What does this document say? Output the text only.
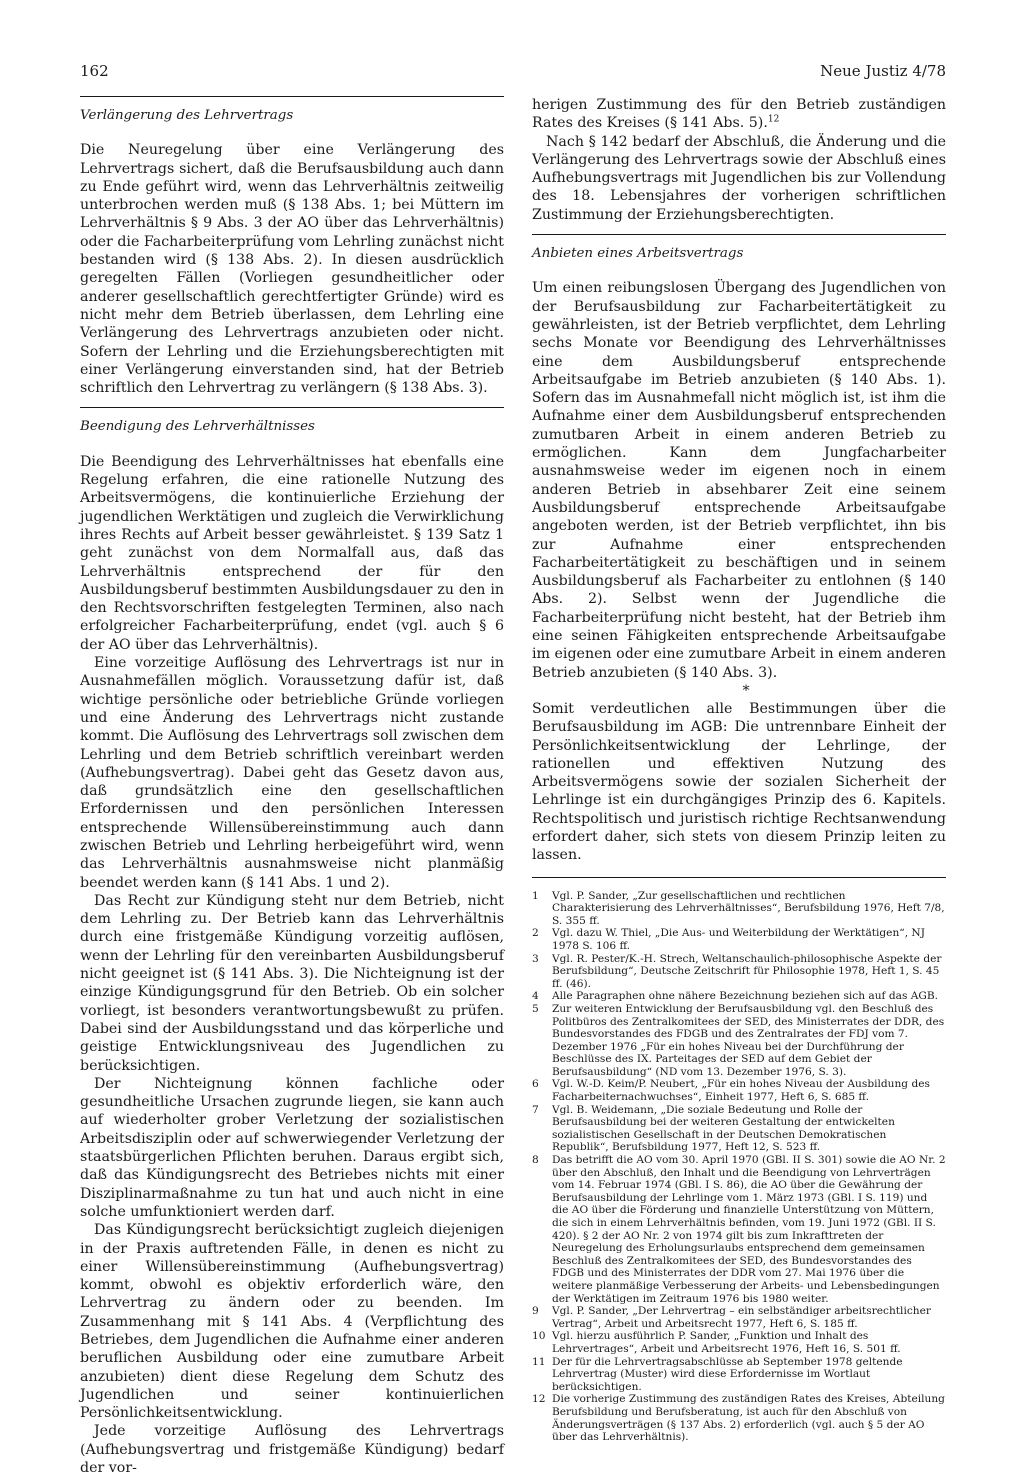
162	Neue Justiz 4/78
Verlängerung des Lehrvertrags

Die Neuregelung über eine Verlängerung des Lehrvertrags sichert, daß die Berufsausbildung auch dann zu Ende geführt wird, wenn das Lehrverhältnis zeitweilig unterbrochen werden muß (§ 138 Abs. 1; bei Müttern im Lehrverhältnis § 9 Abs. 3 der AO über das Lehrverhältnis) oder die Facharbeiterprüfung vom Lehrling zunächst nicht bestanden wird (§ 138 Abs. 2). In diesen ausdrücklich geregelten Fällen (Vorliegen gesundheitlicher oder anderer gesellschaftlich gerechtfertigter Gründe) wird es nicht mehr dem Betrieb überlassen, dem Lehrling eine Verlängerung des Lehrvertrags anzubieten oder nicht. Sofern der Lehrling und die Erziehungsberechtigten mit einer Verlängerung einverstanden sind, hat der Betrieb schriftlich den Lehrvertrag zu verlängern (§ 138 Abs. 3).

Beendigung des Lehrverhältnisses

Die Beendigung des Lehrverhältnisses hat ebenfalls eine Regelung erfahren, die eine rationelle Nutzung des Arbeitsvermögens, die kontinuierliche Erziehung der jugendlichen Werktätigen und zugleich die Verwirklichung ihres Rechts auf Arbeit besser gewährleistet. § 139 Satz 1 geht zunächst von dem Normalfall aus, daß das Lehrverhältnis entsprechend der für den Ausbildungsberuf bestimmten Ausbildungsdauer zu den in den Rechtsvorschriften festgelegten Terminen, also nach erfolgreicher Facharbeiterprüfung, endet (vgl. auch § 6 der AO über das Lehrverhältnis).

Eine vorzeitige Auflösung des Lehrvertrags ist nur in Ausnahmefällen möglich. Voraussetzung dafür ist, daß wichtige persönliche oder betriebliche Gründe vorliegen und eine Änderung des Lehrvertrags nicht zustande kommt. Die Auflösung des Lehrvertrags soll zwischen dem Lehrling und dem Betrieb schriftlich vereinbart werden (Aufhebungsvertrag). Dabei geht das Gesetz davon aus, daß grundsätzlich eine den gesellschaftlichen Erfordernissen und den persönlichen Interessen entsprechende Willensübereinstimmung auch dann zwischen Betrieb und Lehrling herbeigeführt wird, wenn das Lehrverhältnis ausnahmsweise nicht planmäßig beendet werden kann (§ 141 Abs. 1 und 2).

Das Recht zur Kündigung steht nur dem Betrieb, nicht dem Lehrling zu. Der Betrieb kann das Lehrverhältnis durch eine fristgemäße Kündigung vorzeitig auflösen, wenn der Lehrling für den vereinbarten Ausbildungsberuf nicht geeignet ist (§ 141 Abs. 3). Die Nichteignung ist der einzige Kündigungsgrund für den Betrieb. Ob ein solcher vorliegt, ist besonders verantwortungsbewußt zu prüfen. Dabei sind der Ausbildungsstand und das körperliche und geistige Entwicklungsniveau des Jugendlichen zu berücksichtigen.

Der Nichteignung können fachliche oder gesundheitliche Ursachen zugrunde liegen, sie kann auch auf wiederholter grober Verletzung der sozialistischen Arbeitsdisziplin oder auf schwerwiegender Verletzung der staatsbürgerlichen Pflichten beruhen. Daraus ergibt sich, daß das Kündigungsrecht des Betriebes nichts mit einer Disziplinarmaßnahme zu tun hat und auch nicht in eine solche umfunktioniert werden darf.

Das Kündigungsrecht berücksichtigt zugleich diejenigen in der Praxis auftretenden Fälle, in denen es nicht zu einer Willensübereinstimmung (Aufhebungsvertrag) kommt, obwohl es objektiv erforderlich wäre, den Lehrvertrag zu ändern oder zu beenden. Im Zusammenhang mit § 141 Abs. 4 (Verpflichtung des Betriebes, dem Jugendlichen die Aufnahme einer anderen beruflichen Ausbildung oder eine zumutbare Arbeit anzubieten) dient diese Regelung dem Schutz des Jugendlichen und seiner kontinuierlichen Persönlichkeitsentwicklung.

Jede vorzeitige Auflösung des Lehrvertrags (Aufhebungsvertrag und fristgemäße Kündigung) bedarf der vor-

herigen Zustimmung des für den Betrieb zuständigen Rates des Kreises (§ 141 Abs. 5).$^{12}$

Nach § 142 bedarf der Abschluß, die Änderung und die Verlängerung des Lehrvertrags sowie der Abschluß eines Aufhebungsvertrags mit Jugendlichen bis zur Vollendung des 18. Lebensjahres der vorherigen schriftlichen Zustimmung der Erziehungsberechtigten.

Anbieten eines Arbeitsvertrags

Um einen reibungslosen Übergang des Jugendlichen von der Berufsausbildung zur Facharbeitertätigkeit zu gewährleisten, ist der Betrieb verpflichtet, dem Lehrling sechs Monate vor Beendigung des Lehrverhältnisses eine dem Ausbildungsberuf entsprechende Arbeitsaufgabe im Betrieb anzubieten (§ 140 Abs. 1). Sofern das im Ausnahmefall nicht möglich ist, ist ihm die Aufnahme einer dem Ausbildungsberuf entsprechenden zumutbaren Arbeit in einem anderen Betrieb zu ermöglichen. Kann dem Jungfacharbeiter ausnahmsweise weder im eigenen noch in einem anderen Betrieb in absehbarer Zeit eine seinem Ausbildungsberuf entsprechende Arbeitsaufgabe angeboten werden, ist der Betrieb verpflichtet, ihn bis zur Aufnahme einer entsprechenden Facharbeitertätigkeit zu beschäftigen und in seinem Ausbildungsberuf als Facharbeiter zu entlohnen (§ 140 Abs. 2). Selbst wenn der Jugendliche die Facharbeiterprüfung nicht besteht, hat der Betrieb ihm eine seinen Fähigkeiten entsprechende Arbeitsaufgabe im eigenen oder eine zumutbare Arbeit in einem anderen Betrieb anzubieten (§ 140 Abs. 3).

*

Somit verdeutlichen alle Bestimmungen über die Berufsausbildung im AGB: Die untrennbare Einheit der Persönlichkeitsentwicklung der Lehrlinge, der rationellen und effektiven Nutzung des Arbeitsvermögens sowie der sozialen Sicherheit der Lehrlinge ist ein durchgängiges Prinzip des 6. Kapitels. Rechtspolitisch und juristisch richtige Rechtsanwendung erfordert daher, sich stets von diesem Prinzip leiten zu lassen.

1	Vgl. P. Sander, „Zur gesellschaftlichen und rechtlichen Charakterisierung des Lehrverhältnisses“, Berufsbildung 1976, Heft 7/8, S. 355 ff.
2	Vgl. dazu W. Thiel, „Die Aus- und Weiterbildung der Werktätigen“, NJ 1978 S. 106 ff.
3	Vgl. R. Pester/K.-H. Strech, Weltanschaulich-philosophische Aspekte der Berufsbildung“, Deutsche Zeitschrift für Philosophie 1978, Heft 1, S. 45 ff. (46).
4	Alle Paragraphen ohne nähere Bezeichnung beziehen sich auf das AGB.
5	Zur weiteren Entwicklung der Berufsausbildung vgl. den Beschluß des Politbüros des Zentralkomitees der SED, des Ministerrates der DDR, des Bundesvorstandes des FDGB und des Zentralrates der FDJ vom 7. Dezember 1976 „Für ein hohes Niveau bei der Durchführung der Beschlüsse des IX. Parteitages der SED auf dem Gebiet der Berufsausbildung“ (ND vom 13. Dezember 1976, S. 3).
6	Vgl. W.-D. Keim/P. Neubert, „Für ein hohes Niveau der Ausbildung des Facharbeiternachwuchses“, Einheit 1977, Heft 6, S. 685 ff.
7	Vgl. B. Weidemann, „Die soziale Bedeutung und Rolle der Berufsausbildung bei der weiteren Gestaltung der entwickelten sozialistischen Gesellschaft in der Deutschen Demokratischen Republik“, Berufsbildung 1977, Heft 12, S. 523 ff.
8	Das betrifft die AO vom 30. April 1970 (GBl. II S. 301) sowie die AO Nr. 2 über den Abschluß, den Inhalt und die Beendigung von Lehrverträgen vom 14. Februar 1974 (GBl. I S. 86), die AO über die Gewährung der Berufsausbildung der Lehrlinge vom 1. März 1973 (GBl. I S. 119) und die AO über die Förderung und finanzielle Unterstützung von Müttern, die sich in einem Lehrverhältnis befinden, vom 19. Juni 1972 (GBl. II S. 420). § 2 der AO Nr. 2 von 1974 gilt bis zum Inkrafttreten der Neuregelung des Erholungsurlaubs entsprechend dem gemeinsamen Beschluß des Zentralkomitees der SED, des Bundesvorstandes des FDGB und des Ministerrates der DDR vom 27. Mai 1976 über die weitere planmäßige Verbesserung der Arbeits- und Lebensbedingungen der Werktätigen im Zeitraum 1976 bis 1980 weiter.
9	Vgl. P. Sander, „Der Lehrvertrag – ein selbständiger arbeitsrechtlicher Vertrag“, Arbeit und Arbeitsrecht 1977, Heft 6, S. 185 ff.
10 Vgl. hierzu ausführlich P. Sander, „Funktion und Inhalt des Lehrvertrages“, Arbeit und Arbeitsrecht 1976, Heft 16, S. 501 ff.
11 Der für die Lehrvertragsabschlüsse ab September 1978 geltende Lehrvertrag (Muster) wird diese Erfordernisse im Wortlaut berücksichtigen.
12 Die vorherige Zustimmung des zuständigen Rates des Kreises, Abteilung Berufsbildung und Berufsberatung, ist auch für den Abschluß von Änderungsverträgen (§ 137 Abs. 2) erforderlich (vgl. auch § 5 der AO über das Lehrverhältnis).
